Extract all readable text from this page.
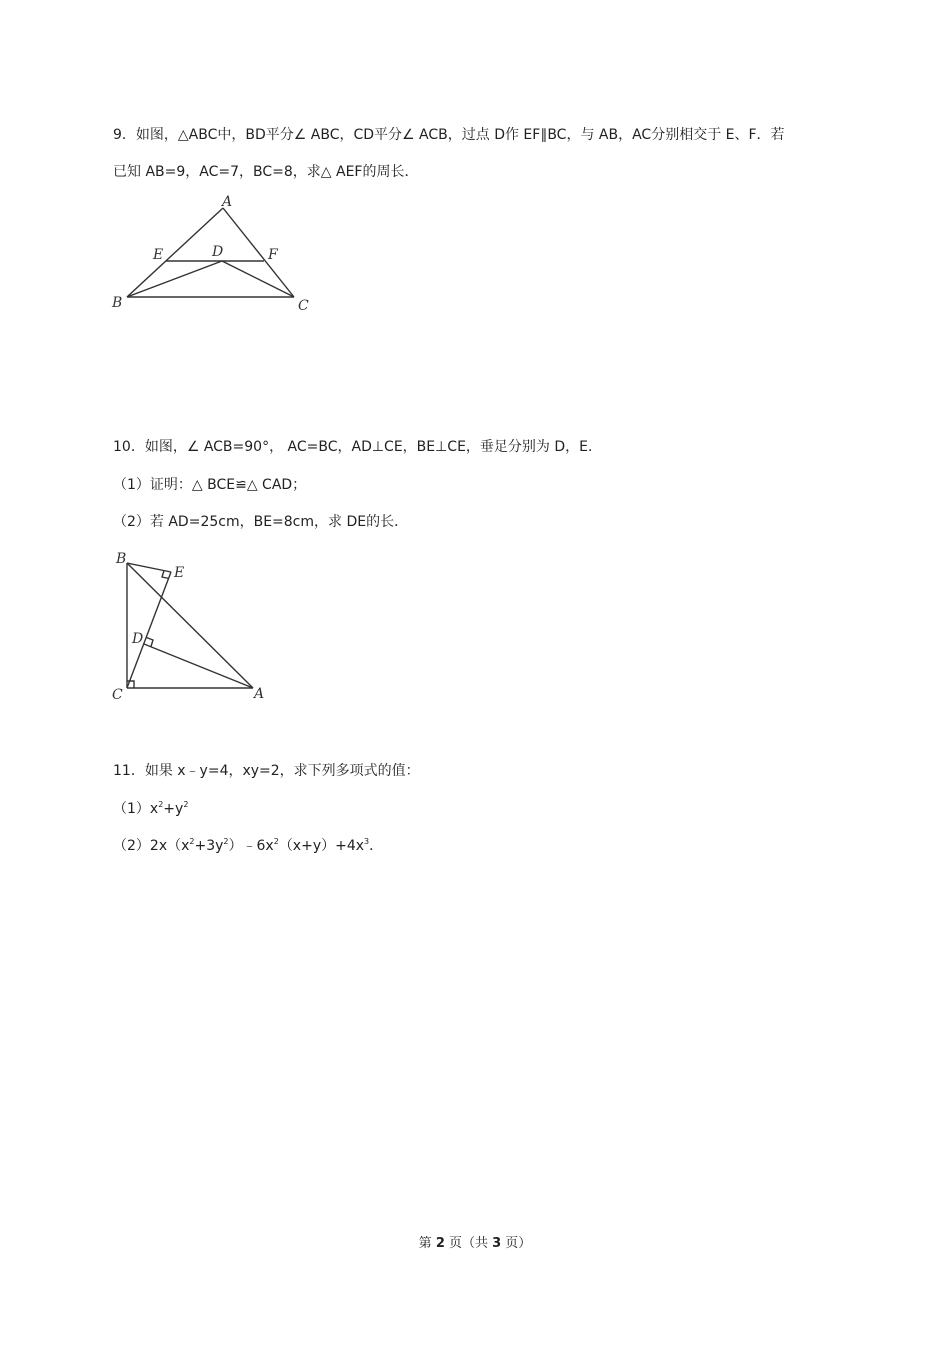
9．如图，△ABC中，BD平分∠ ABC，CD平分∠ ACB，过点 D作 EF∥BC，与 AB，AC分别相交于 E、F．若
已知 AB=9，AC=7，BC=8，求△ AEF的周长．
A
B	C
D
E	F
10．如图，∠ ACB=90°， AC=BC，AD⊥CE，BE⊥CE，垂足分别为 D，E．
（1）证明：△ BCE≌△ CAD；
（2）若 AD=25cm，BE=8cm，求 DE的长．
B
E
D
C	A
11．如果 x﹣y=4，xy=2，求下列多项式的值：
$(1)x^2+y^2$
$(2)2x(x^2+3y^2)﹣6x^2(x+y)+4x^3$．
第 2 页（共 3 页）
